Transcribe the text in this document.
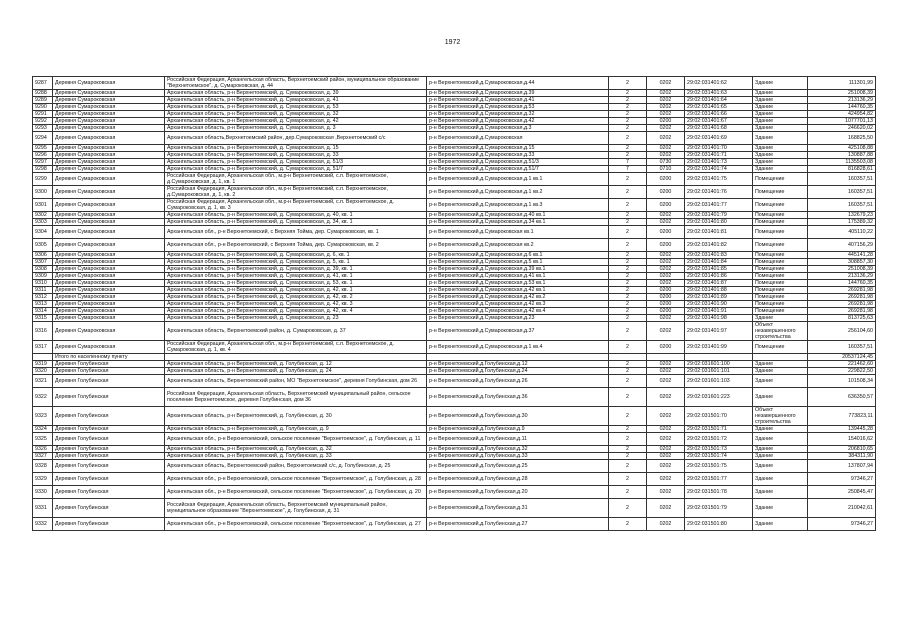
1972
9287	Деревня Сумароковская	Российская Федерация, Архангельская область, Верхнетоемский район, муниципальное образование "Верхнетоемское", д. Сумароковская, д. 44	р-н Верхнетоемский,д.Сумароковская,д.44	2	0202	29:02:031401:62	Здание	111301,99
9288	Деревня Сумароковская	Архангельская область, р-н Верхнетоемский, д. Сумароковская, д. 39	р-н Верхнетоемский,д.Сумароковская,д.39	2	0202	29:02:031401:63	Здание	251008,39
9289	Деревня Сумароковская	Архангельская область, р-н Верхнетоемский, д. Сумароковская, д. 41	р-н Верхнетоемский,д.Сумароковская,д.41	2	0202	29:02:031401:64	Здание	213136,29
9290	Деревня Сумароковская	Архангельская область, р-н Верхнетоемский, д. Сумароковская, д. 53	р-н Верхнетоемский,д.Сумароковская,д.53	2	0202	29:02:031401:65	Здание	144760,35
9291	Деревня Сумароковская	Архангельская область, р-н Верхнетоемский, д. Сумароковская, д. 32	р-н Верхнетоемский,д.Сумароковская,д.32	2	0202	29:02:031401:66	Здание	424954,82
9292	Деревня Сумароковская	Архангельская область, р-н Верхнетоемский, д. Сумароковская, д. 42	р-н Верхнетоемский,д.Сумароковская,д.42	2	0200	29:02:031401:67	Здание	1077701,13
9293	Деревня Сумароковская	Архангельская область, р-н Верхнетоемский, д. Сумароковская, д. 3	р-н Верхнетоемский,д.Сумароковская,д.3	2	0202	29:02:031401:68	Здание	246620,02
9294	Деревня Сумароковская	Архангельская область,Верхнетоемский район, дер.Сумароковская ,Верхнетоемский с/с	р-н Верхнетоемский,д.Сумароковская	2	0202	29:02:031401:69	Здание	168825,50
9295	Деревня Сумароковская	Архангельская область, р-н Верхнетоемский, д. Сумароковская, д. 15	р-н Верхнетоемский,д.Сумароковская,д.15	2	0202	29:02:031401:70	Здание	425108,88
9296	Деревня Сумароковская	Архангельская область, р-н Верхнетоемский, д. Сумароковская, д. 33	р-н Верхнетоемский,д.Сумароковская,д.33	2	0202	29:02:031401:71	Здание	130887,88
9297	Деревня Сумароковская	Архангельская область, р-н Верхнетоемский, д. Сумароковская, д. 51/3	р-н Верхнетоемский,д.Сумароковская,д.51/3	7	0730	29:02:031401:73	Здание	1135503,08
9298	Деревня Сумароковская	Архангельская область, р-н Верхнетоемский, д. Сумароковская, д. 51/7	р-н Верхнетоемский,д.Сумароковская,д.51/7	7	0710	29:02:031401:74	Здание	816828,61
9299	Деревня Сумароковская	Российская Федерация, Архангельская обл., м.р-н Верхнетоемский, с.п. Верхнетоемское, д.Сумароковская, д. 1, кв. 1	р-н Верхнетоемский,д.Сумароковская,д.1 кв.1	2	0200	29:02:031401:75	Помещение	160357,51
9300	Деревня Сумароковская	Российская Федерация, Архангельская обл., м.р-н Верхнетоемский, с.п. Верхнетоемское, д.Сумароковская, д. 1, кв. 2	р-н Верхнетоемский,д.Сумароковская,д.1 кв.2	2	0200	29:02:031401:76	Помещение	160357,51
9301	Деревня Сумароковская	Российская Федерация, Архангельская обл., м.р-н Верхнетоемский, с.п. Верхнетоемское, д. Сумароковская, д. 1, кв. 3	р-н Верхнетоемский,д.Сумароковская,д.1 кв.3	2	0200	29:02:031401:77	Помещение	160357,51
9302	Деревня Сумароковская	Архангельская область, р-н Верхнетоемский, д. Сумароковская, д. 40, кв. 1	р-н Верхнетоемский,д.Сумароковская,д.40 кв.1	2	0202	29:02:031401:79	Помещение	132679,23
9303	Деревня Сумароковская	Архангельская область, р-н Верхнетоемский, д. Сумароковская, д. 34, кв. 1	р-н Верхнетоемский,д.Сумароковская,д.34 кв.1	2	0202	29:02:031401:80	Помещение	175389,32
9304	Деревня Сумароковская	Архангельская обл., р-н Верхнетоемский, с Верхняя Тойма, дер. Сумароковская, кв. 1	р-н Верхнетоемский,д.Сумароковская кв.1	2	0200	29:02:031401:81	Помещение	405110,22
9305	Деревня Сумароковская	Архангельская обл., р-н Верхнетоемский, с Верхняя Тойма, дер. Сумароковская, кв. 2	р-н Верхнетоемский,д.Сумароковская кв.2	2	0200	29:02:031401:82	Помещение	407156,29
9306	Деревня Сумароковская	Архангельская область, р-н Верхнетоемский, д. Сумароковская, д. 6, кв. 1	р-н Верхнетоемский,д.Сумароковская,д.6 кв.1	2	0202	29:02:031401:83	Помещение	445141,28
9307	Деревня Сумароковская	Архангельская область, р-н Верхнетоемский, д. Сумароковская, д. 5, кв. 1	р-н Верхнетоемский,д.Сумароковская,д.5 кв.1	2	0202	29:02:031401:84	Помещение	308857,30
9308	Деревня Сумароковская	Архангельская область, р-н Верхнетоемский, д. Сумароковская, д. 39, кв. 1	р-н Верхнетоемский,д.Сумароковская,д.39 кв.1	2	0202	29:02:031401:85	Помещение	251008,39
9309	Деревня Сумароковская	Архангельская область, р-н Верхнетоемский, д. Сумароковская, д. 41, кв. 1	р-н Верхнетоемский,д.Сумароковская,д.41 кв.1	2	0202	29:02:031401:86	Помещение	213136,29
9310	Деревня Сумароковская	Архангельская область, р-н Верхнетоемский, д. Сумароковская, д. 53, кв. 1	р-н Верхнетоемский,д.Сумароковская,д.53 кв.1	2	0202	29:02:031401:87	Помещение	144760,35
9311	Деревня Сумароковская	Архангельская область, р-н Верхнетоемский, д. Сумароковская, д. 42, кв. 1	р-н Верхнетоемский,д.Сумароковская,д.42 кв.1	2	0200	29:02:031401:88	Помещение	269281,98
9312	Деревня Сумароковская	Архангельская область, р-н Верхнетоемский, д. Сумароковская, д. 42, кв. 2	р-н Верхнетоемский,д.Сумароковская,д.42 кв.2	2	0200	29:02:031401:89	Помещение	269281,98
9313	Деревня Сумароковская	Архангельская область, р-н Верхнетоемский, д. Сумароковская, д. 42, кв. 3	р-н Верхнетоемский,д.Сумароковская,д.42 кв.3	2	0200	29:02:031401:90	Помещение	269281,98
9314	Деревня Сумароковская	Архангельская область, р-н Верхнетоемский, д. Сумароковская, д. 42, кв. 4	р-н Верхнетоемский,д.Сумароковская,д.42 кв.4	2	0200	29:02:031401:91	Помещение	269281,98
9315	Деревня Сумароковская	Архангельская область, р-н Верхнетоемский, д. Сумароковская, д. 23	р-н Верхнетоемский,д.Сумароковская,д.23	2	0202	29:02:031401:98	Здание	813725,63
9316	Деревня Сумароковская	Архангельская область, Верхнетоемский район, д. Сумароковская, д. 37	р-н Верхнетоемский,д.Сумароковская,д.37	2	0202	29:02:031401:97	Объект незавершенного строительства	256104,60
9317	Деревня Сумароковская	Российская Федерация, Архангельская обл., м.р-н Верхнетоемский, с.п. Верхнетоемское, д. Сумароковская, д. 1, кв. 4	р-н Верхнетоемский,д.Сумароковская,д.1 кв.4	2	0200	29:02:031401:99	Помещение	160357,51
	Итого по населенному пункту							20537124,45
9319	Деревня Голубинская	Архангельская область, р-н Верхнетоемский, д. Голубинская, д. 12	р-н Верхнетоемский,д.Голубинская,д.12	2	0202	29:02:031601:100	Здание	221462,60
9320	Деревня Голубинская	Архангельская область, р-н Верхнетоемский, д. Голубинская, д. 24	р-н Верхнетоемский,д.Голубинская,д.24	2	0202	29:02:031601:101	Здание	229822,50
9321	Деревня Голубинская	Архангельская область, Верхнетоемский район, МО "Верхнетоемское", деревня Голубинская, дом 26	р-н Верхнетоемский,д.Голубинская,д.26	2	0202	29:02:031601:103	Здание	101508,34
9322	Деревня Голубинская	Российская Федерация, Архангельская область, Верхнетоемский муниципальный район, сельское поселение Верхнетоемское, деревня Голубинская, дом 36	р-н Верхнетоемский,д.Голубинская,д.36	2	0202	29:02:031601:223	Здание	636350,57
9323	Деревня Голубинская	Архангельская область, р-н Верхнетоемский, д. Голубинская, д. 30	р-н Верхнетоемский,д.Голубинская,д.30	2	0202	29:02:031501:70	Объект незавершенного строительства	773823,11
9324	Деревня Голубинская	Архангельская область, р-н Верхнетоемский, д. Голубинская, д. 9	р-н Верхнетоемский,д.Голубинская,д.9	2	0202	29:02:031501:71	Здание	139445,28
9325	Деревня Голубинская	Архангельская обл., р-н Верхнетоемский, сельское поселение "Верхнетоемское", д. Голубинская, д. 11	р-н Верхнетоемский,д.Голубинская,д.11	2	0202	29:02:031501:72	Здание	154016,62
9326	Деревня Голубинская	Архангельская область, р-н Верхнетоемский, д. Голубинская, д. 32	р-н Верхнетоемский,д.Голубинская,д.32	2	0202	29:02:031501:73	Здание	206810,65
9327	Деревня Голубинская	Архангельская область, р-н Верхнетоемский, д. Голубинская, д. 33	р-н Верхнетоемский,д.Голубинская,д.33	2	0202	29:02:031501:74	Здание	384311,90
9328	Деревня Голубинская	Архангельская область, Верхнетоемский район, Верхнетоемский с/с, д. Голубинская, д. 25	р-н Верхнетоемский,д.Голубинская,д.25	2	0202	29:02:031501:75	Здание	137807,94
9329	Деревня Голубинская	Архангельская обл., р-н Верхнетоемский, сельское поселение "Верхнетоемское", д. Голубинская, д. 28	р-н Верхнетоемский,д.Голубинская,д.28	2	0202	29:02:031501:77	Здание	97346,27
9330	Деревня Голубинская	Архангельская обл., р-н Верхнетоемский, сельское поселение "Верхнетоемское", д. Голубинская, д. 20	р-н Верхнетоемский,д.Голубинская,д.20	2	0202	29:02:031501:78	Здание	250845,47
9331	Деревня Голубинская	Российская Федерация, Архангельская область, Верхнетоемский муниципальный район, муниципальное образование "Верхнетоемское", д. Голубинская, д. 31	р-н Верхнетоемский,д.Голубинская,д.31	2	0202	29:02:031501:79	Здание	210042,61
9332	Деревня Голубинская	Архангельская обл., р-н Верхнетоемский, сельское поселение "Верхнетоемское", д. Голубинская, д. 27	р-н Верхнетоемский,д.Голубинская,д.27	2	0202	29:02:031501:80	Здание	97346,27
